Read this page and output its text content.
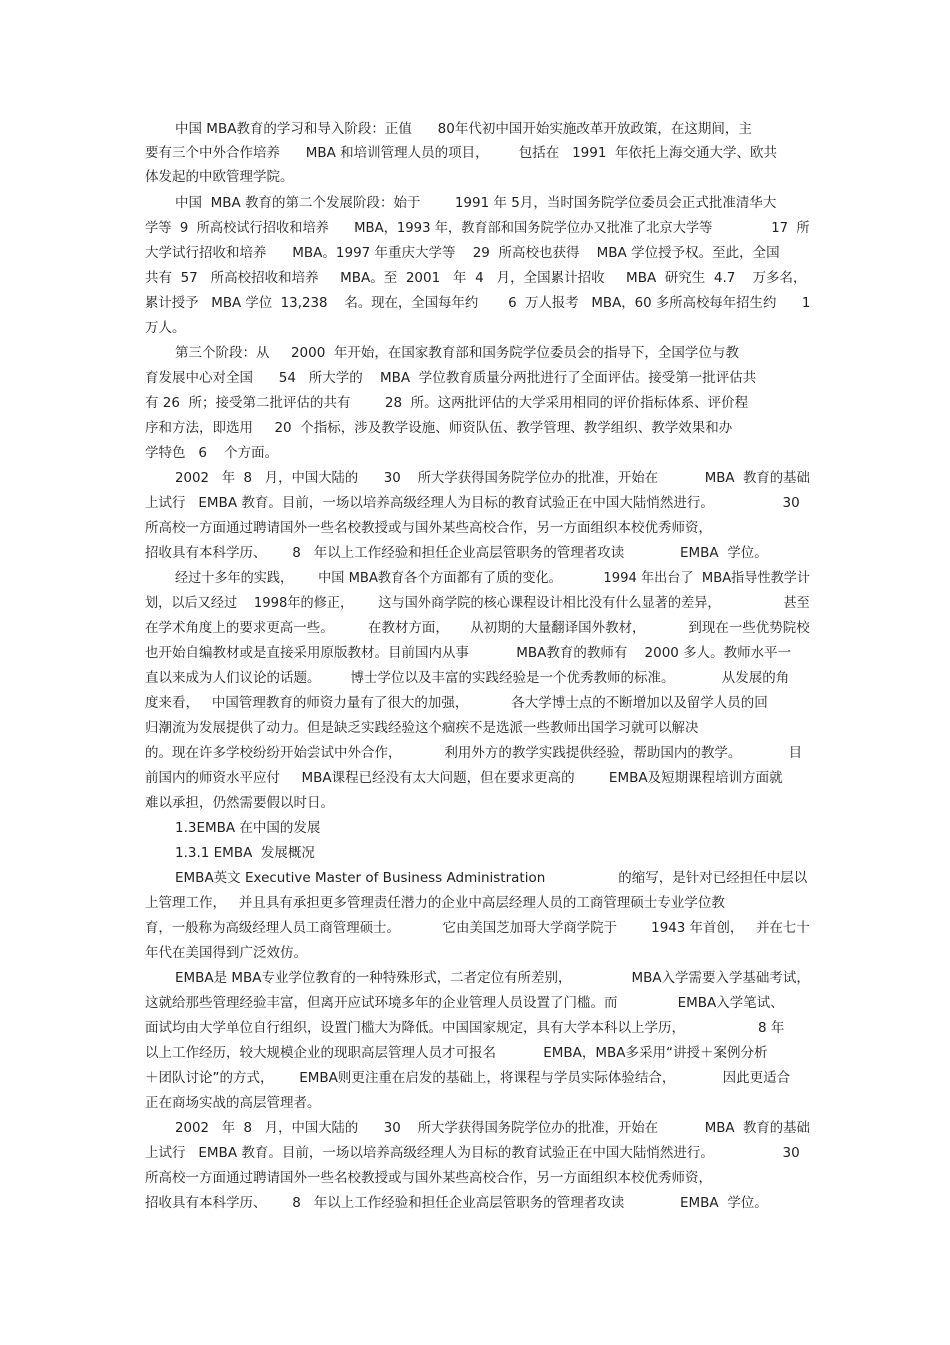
中国 MBA教育的学习和导入阶段：正值      80年代初中国开始实施改革开放政策，在这期间，主
要有三个中外合作培养      MBA 和培训管理人员的项目，       包括在   1991  年依托上海交通大学、欧共
体发起的中欧管理学院。
中国  MBA 教育的第二个发展阶段：始于        1991 年 5月，当时国务院学位委员会正式批准清华大
学等  9  所高校试行招收和培养      MBA，1993 年，教育部和国务院学位办又批准了北京大学等              17  所
大学试行招收和培养      MBA。1997 年重庆大学等    29  所高校也获得    MBA 学位授予权。至此，全国
共有  57   所高校招收和培养     MBA。至  2001   年  4   月，全国累计招收     MBA  研究生  4.7    万多名，
累计授予   MBA 学位  13,238    名。现在，全国每年约       6  万人报考   MBA，60 多所高校每年招生约      1
万人。
第三个阶段：从     2000  年开始，在国家教育部和国务院学位委员会的指导下，全国学位与教
育发展中心对全国      54   所大学的    MBA  学位教育质量分两批进行了全面评估。接受第一批评估共
有 26  所；接受第二批评估的共有        28  所。这两批评估的大学采用相同的评价指标体系、评价程
序和方法，即选用     20  个指标，涉及教学设施、师资队伍、教学管理、教学组织、教学效果和办
学特色   6    个方面。
2002   年  8   月，中国大陆的      30    所大学获得国务院学位办的批准，开始在           MBA  教育的基础
上试行   EMBA 教育。目前，一场以培养高级经理人为目标的教育试验正在中国大陆悄然进行。                30
所高校一方面通过聘请国外一些名校教授或与国外某些高校合作，另一方面组织本校优秀师资，
招收具有本科学历、      8   年以上工作经验和担任企业高层管职务的管理者攻读             EMBA  学位。
经过十多年的实践，      中国 MBA教育各个方面都有了质的变化。          1994 年出台了  MBA指导性教学计
划，以后又经过    1998年的修正，      这与国外商学院的核心课程设计相比没有什么显著的差异，               甚至
在学术角度上的要求更高一些。        在教材方面，     从初期的大量翻译国外教材，          到现在一些优势院校
也开始自编教材或是直接采用原版教材。目前国内从事           MBA教育的教师有    2000 多人。教师水平一
直以来成为人们议论的话题。       博士学位以及丰富的实践经验是一个优秀教师的标准。           从发展的角
度来看，   中国管理教育的师资力量有了很大的加强，          各大学博士点的不断增加以及留学人员的回
归潮流为发展提供了动力。但是缺乏实践经验这个痼疾不是选派一些教师出国学习就可以解决
的。现在许多学校纷纷开始尝试中外合作，          利用外方的教学实践提供经验，帮助国内的教学。           目
前国内的师资水平应付     MBA课程已经没有太大问题，但在要求更高的        EMBA及短期课程培训方面就
难以承担，仍然需要假以时日。
1.3EMBA 在中国的发展
1.3.1 EMBA  发展概况
EMBA英文 Executive Master of Business Administration                 的缩写，是针对已经担任中层以
上管理工作，   并且具有承担更多管理责任潜力的企业中高层经理人员的工商管理硕士专业学位教
育，一般称为高级经理人员工商管理硕士。          它由美国芝加哥大学商学院于        1943 年首创，   并在七十
年代在美国得到广泛效仿。
EMBA是 MBA专业学位教育的一种特殊形式，二者定位有所差别，              MBA入学需要入学基础考试，
这就给那些管理经验丰富，但离开应试环境多年的企业管理人员设置了门槛。而              EMBA入学笔试、
面试均由大学单位自行组织，设置门槛大为降低。中国国家规定，具有大学本科以上学历，                 8 年
以上工作经历，较大规模企业的现职高层管理人员才可报名           EMBA，MBA多采用“讲授＋案例分析
＋团队讨论”的方式，      EMBA则更注重在启发的基础上，将课程与学员实际体验结合，           因此更适合
正在商场实战的高层管理者。
2002   年  8   月，中国大陆的      30    所大学获得国务院学位办的批准，开始在           MBA  教育的基础
上试行   EMBA 教育。目前，一场以培养高级经理人为目标的教育试验正在中国大陆悄然进行。                30
所高校一方面通过聘请国外一些名校教授或与国外某些高校合作，另一方面组织本校优秀师资，
招收具有本科学历、      8   年以上工作经验和担任企业高层管职务的管理者攻读             EMBA  学位。
